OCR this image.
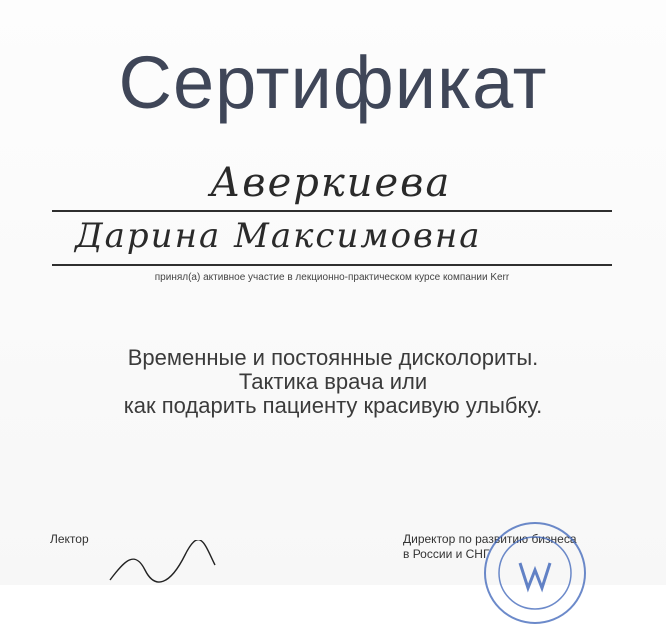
Сертификат
Аверкиева
Дарина Максимовна
принял(а) активное участие в лекционно-практическом курсе компании Kerr
Временные и постоянные дисколориты.
Тактика врача или
как подарить пациенту красивую улыбку.
Лектор	Директор по развитию бизнеса
в России и СНГ
